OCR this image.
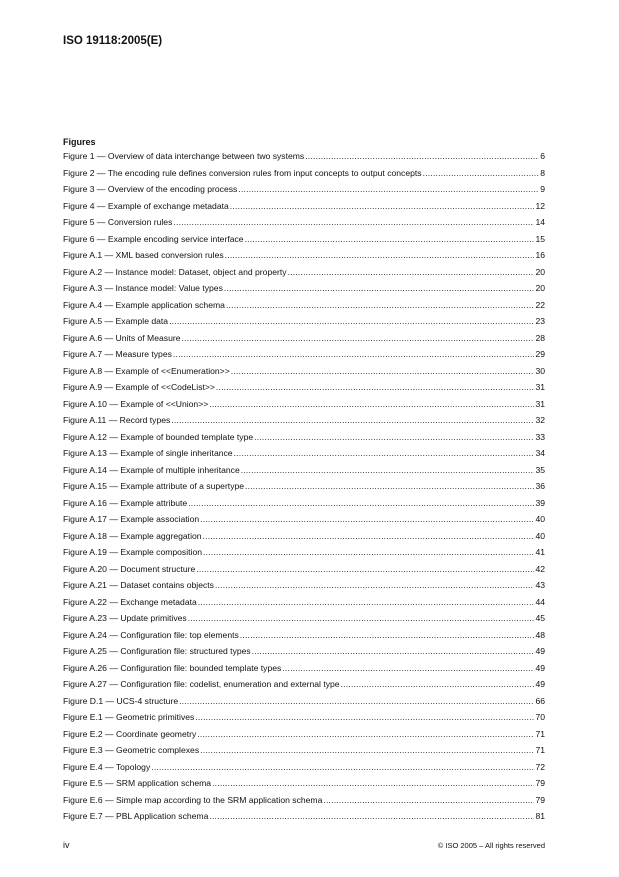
ISO 19118:2005(E)
Figures
Figure 1 — Overview of data interchange between two systems .....	6
Figure 2 — The encoding rule defines conversion rules from input concepts to output concepts .....	8
Figure 3 — Overview of the encoding process .....	9
Figure 4 — Example of exchange metadata .....	12
Figure 5 — Conversion rules .....	14
Figure 6 — Example encoding service interface .....	15
Figure A.1 — XML based conversion rules .....	16
Figure A.2 — Instance model: Dataset, object and property .....	20
Figure A.3 — Instance model: Value types .....	20
Figure A.4 — Example application schema .....	22
Figure A.5 — Example data .....	23
Figure A.6 — Units of Measure .....	28
Figure A.7 — Measure types .....	29
Figure A.8 — Example of <<Enumeration>> .....	30
Figure A.9 — Example of <<CodeList>> .....	31
Figure A.10 — Example of <<Union>> .....	31
Figure A.11 — Record types .....	32
Figure A.12 — Example of bounded template type .....	33
Figure A.13 — Example of single inheritance .....	34
Figure A.14 — Example of multiple inheritance .....	35
Figure A.15 — Example attribute of a supertype .....	36
Figure A.16 — Example attribute .....	39
Figure A.17 — Example association .....	40
Figure A.18 — Example aggregation .....	40
Figure A.19 — Example composition .....	41
Figure A.20 — Document structure .....	42
Figure A.21 — Dataset contains objects .....	43
Figure A.22 — Exchange metadata .....	44
Figure A.23 — Update primitives .....	45
Figure A.24 — Configuration file: top elements .....	48
Figure A.25 — Configuration file: structured types .....	49
Figure A.26 — Configuration file: bounded template types .....	49
Figure A.27 — Configuration file: codelist, enumeration and external type .....	49
Figure D.1 — UCS-4 structure .....	66
Figure E.1 — Geometric primitives .....	70
Figure E.2 — Coordinate geometry .....	71
Figure E.3 — Geometric complexes .....	71
Figure E.4 — Topology .....	72
Figure E.5 — SRM application schema .....	79
Figure E.6 — Simple map according to the SRM application schema .....	79
Figure E.7 — PBL Application schema .....	81
iv	© ISO 2005 – All rights reserved
